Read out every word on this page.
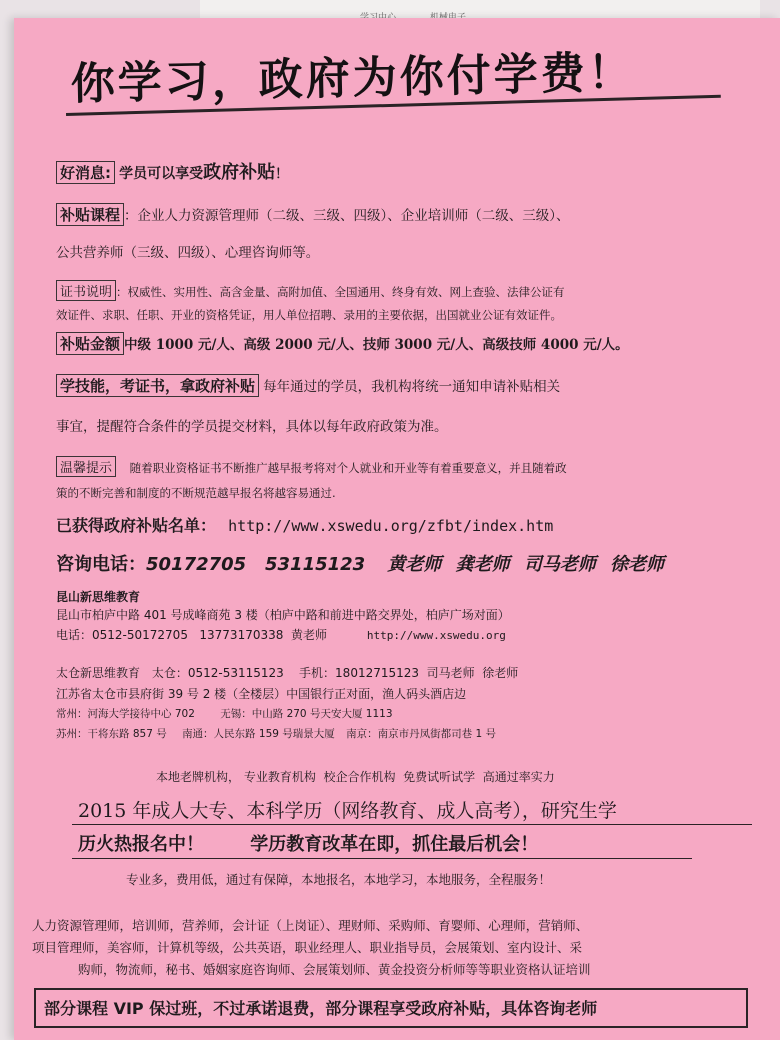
你学习，政府为你付学费！
好消息: 学员可以享受政府补贴！
补贴课程 ：企业人力资源管理师（二级、三级、四级）、企业培训师（二级、三级）、
公共营养师（三级、四级）、心理咨询师等。
证书说明 ：权威性、实用性、高含金量、高附加值、全国通用、终身有效、网上查验、法律公证有
效证件、求职、任职、开业的资格凭证，用人单位招聘、录用的主要依据，出国就业公证有效证件。
补贴金额 中级 1000 元/人、高级 2000 元/人、技师 3000 元/人、高级技师 4000 元/人。
学技能，考证书，拿政府补贴 每年通过的学员，我机构将统一通知申请补贴相关
事宜，提醒符合条件的学员提交材料，具体以每年政府政策为准。
温馨提示 随着职业资格证书不断推广越早报考将对个人就业和开业等有着重要意义，并且随着政
策的不断完善和制度的不断规范越早报名将越容易通过.
已获得政府补贴名单： http://www.xswedu.org/zfbt/index.htm
咨询电话：50172705   53115123 黄老师 龚老师 司马老师 徐老师
昆山新思维教育
昆山市柏庐中路 401 号成峰商苑 3 楼（柏庐中路和前进中路交界处，柏庐广场对面）
电话：0512-50172705   13773170338  黄老师	http://www.xswedu.org
太仓新思维教育 太仓：0512-53115123    手机：18012715123  司马老师  徐老师
江苏省太仓市县府街 39 号 2 楼（全楼层）中国银行正对面，渔人码头酒店边
常州：河海大学接待中心 702 无锡：中山路 270 号天安大厦 1113
苏州：干将东路 857 号 南通：人民东路 159 号瑞景大厦 南京：南京市丹凤街都司巷 1 号
本地老牌机构， 专业教育机构  校企合作机构  免费试听试学  高通过率实力
2015 年成人大专、本科学历（网络教育、成人高考），研究生学
历火热报名中！	学历教育改革在即，抓住最后机会！
专业多，费用低，通过有保障，本地报名，本地学习，本地服务，全程服务！
人力资源管理师，培训师，营养师，会计证（上岗证）、理财师、采购师、育婴师、心理师，营销师、
项目管理师，美容师，计算机等级，公共英语，职业经理人、职业指导员，会展策划、室内设计、采
购师，物流师，秘书、婚姻家庭咨询师、会展策划师、黄金投资分析师等等职业资格认证培训
部分课程 VIP 保过班，不过承诺退费，部分课程享受政府补贴，具体咨询老师
